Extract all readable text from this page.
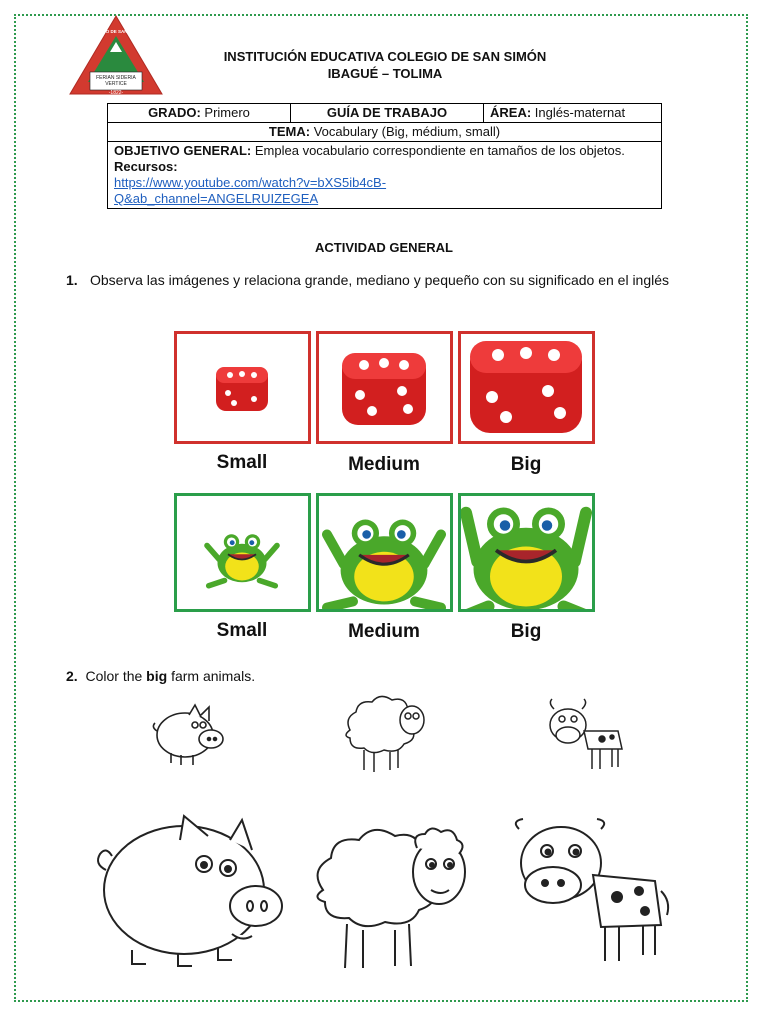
FERIAN SIDERIA
VERTICE
-1822-
COLEGIO DE SAN SIMON
INSTITUCIÓN EDUCATIVA COLEGIO DE SAN SIMÓN
IBAGUÉ – TOLIMA
GRADO: Primero	GUÍA DE TRABAJO	ÁREA: Inglés-maternat
TEMA: Vocabulary (Big, médium, small)
OBJETIVO GENERAL: Emplea vocabulario correspondiente en tamaños de los objetos.
Recursos:
https://www.youtube.com/watch?v=bXS5ib4cB-
Q&ab_channel=ANGELRUIZEGEA
ACTIVIDAD GENERAL
1. Observa las imágenes y relaciona grande, mediano y pequeño con su significado en el inglés
Small	Medium	Big
Small	Medium	Big
2. Color the big farm animals.
